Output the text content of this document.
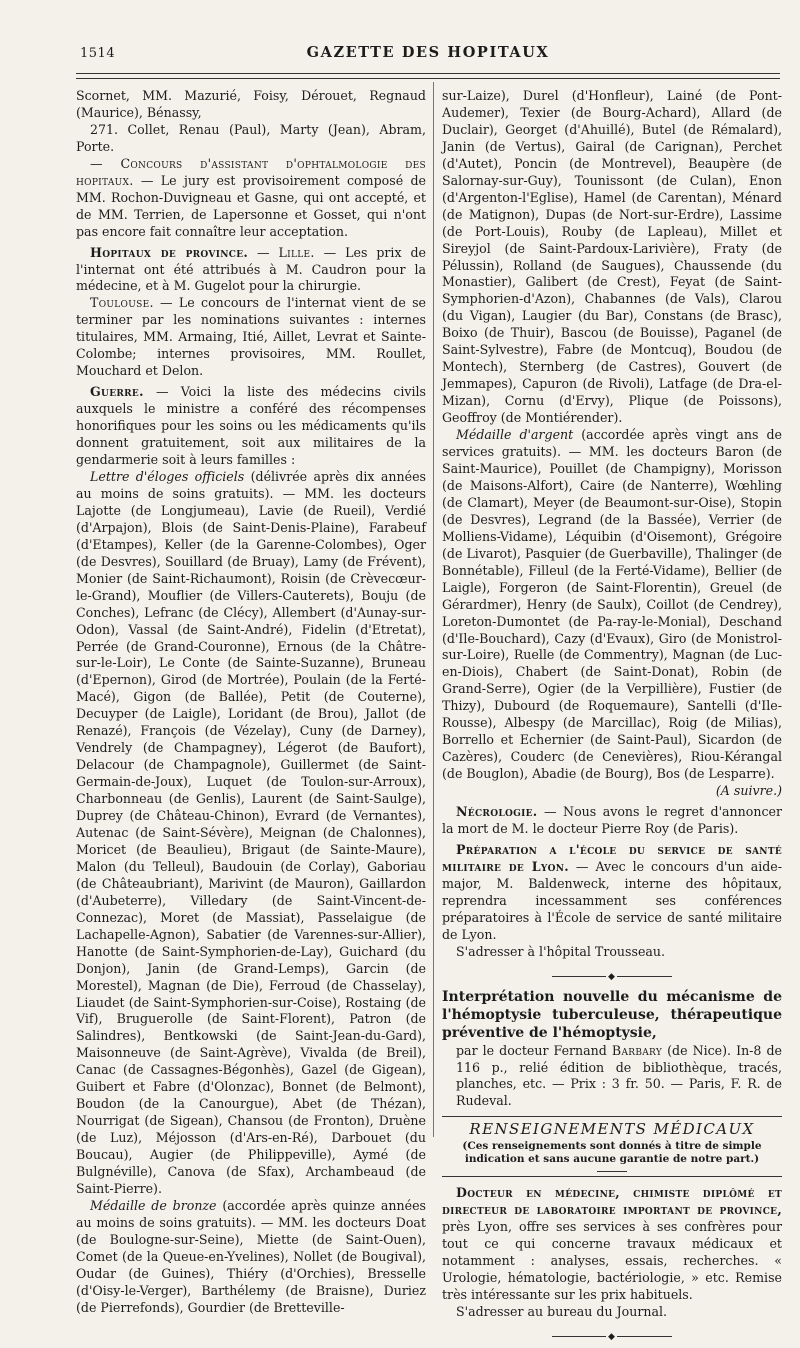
1514	GAZETTE DES HOPITAUX

Scornet, MM. Mazurié, Foisy, Dérouet, Regnaud (Maurice), Bénassy,

271. Collet, Renau (Paul), Marty (Jean), Abram, Porte.

— Concours d'assistant d'ophtalmologie des hopitaux. — Le jury est provisoirement composé de MM. Rochon-Duvigneau et Gasne, qui ont accepté, et de MM. Terrien, de Lapersonne et Gosset, qui n'ont pas encore fait connaître leur acceptation.

Hopitaux de province. — Lille. — Les prix de l'internat ont été attribués à M. Caudron pour la médecine, et à M. Gugelot pour la chirurgie.

Toulouse. — Le concours de l'internat vient de se terminer par les nominations suivantes : internes titulaires, MM. Armaing, Itié, Aillet, Levrat et Sainte-Colombe; internes provisoires, MM. Roullet, Mouchard et Delon.

Guerre. — Voici la liste des médecins civils auxquels le ministre a conféré des récompenses honorifiques pour les soins ou les médicaments qu'ils donnent gratuitement, soit aux militaires de la gendarmerie soit à leurs familles :

Lettre d'éloges officiels (délivrée après dix années au moins de soins gratuits). — MM. les docteurs Lajotte (de Longjumeau), Lavie (de Rueil), Verdié (d'Arpajon), Blois (de Saint-Denis-Plaine), Farabeuf (d'Etampes), Keller (de la Garenne-Colombes), Oger (de Desvres), Souillard (de Bruay), Lamy (de Frévent), Monier (de Saint-Richaumont), Roisin (de Crèvecœur-le-Grand), Mouflier (de Villers-Cauterets), Bouju (de Conches), Lefranc (de Clécy), Allembert (d'Aunay-sur-Odon), Vassal (de Saint-André), Fidelin (d'Etretat), Perrée (de Grand-Couronne), Ernous (de la Châtre-sur-le-Loir), Le Conte (de Sainte-Suzanne), Bruneau (d'Epernon), Girod (de Mortrée), Poulain (de la Ferté-Macé), Gigon (de Ballée), Petit (de Couterne), Decuyper (de Laigle), Loridant (de Brou), Jallot (de Renazé), François (de Vézelay), Cuny (de Darney), Vendrely (de Champagney), Légerot (de Baufort), Delacour (de Champagnole), Guillermet (de Saint-Germain-de-Joux), Luquet (de Toulon-sur-Arroux), Charbonneau (de Genlis), Laurent (de Saint-Saulge), Duprey (de Château-Chinon), Evrard (de Vernantes), Autenac (de Saint-Sévère), Meignan (de Chalonnes), Moricet (de Beaulieu), Brigaut (de Sainte-Maure), Malon (du Telleul), Baudouin (de Corlay), Gaboriau (de Châteaubriant), Marivint (de Mauron), Gaillardon (d'Aubeterre), Villedary (de Saint-Vincent-de-Connezac), Moret (de Massiat), Passelaigue (de Lachapelle-Agnon), Sabatier (de Varennes-sur-Allier), Hanotte (de Saint-Symphorien-de-Lay), Guichard (du Donjon), Janin (de Grand-Lemps), Garcin (de Morestel), Magnan (de Die), Ferroud (de Chasselay), Liaudet (de Saint-Symphorien-sur-Coise), Rostaing (de Vif), Bruguerolle (de Saint-Florent), Patron (de Salindres), Bentkowski (de Saint-Jean-du-Gard), Maisonneuve (de Saint-Agrève), Vivalda (de Breil), Canac (de Cassagnes-Bégonhès), Gazel (de Gigean), Guibert et Fabre (d'Olonzac), Bonnet (de Belmont), Boudon (de la Canourgue), Abet (de Thézan), Nourrigat (de Sigean), Chansou (de Fronton), Druène (de Luz), Méjosson (d'Ars-en-Ré), Darbouet (du Boucau), Augier (de Philippeville), Aymé (de Bulgnéville), Canova (de Sfax), Archambeaud (de Saint-Pierre).

Médaille de bronze (accordée après quinze années au moins de soins gratuits). — MM. les docteurs Doat (de Boulogne-sur-Seine), Miette (de Saint-Ouen), Comet (de la Queue-en-Yvelines), Nollet (de Bougival), Oudar (de Guines), Thiéry (d'Orchies), Bresselle (d'Oisy-le-Verger), Barthélemy (de Braisne), Duriez (de Pierrefonds), Gourdier (de Bretteville-

sur-Laize), Durel (d'Honfleur), Lainé (de Pont-Audemer), Texier (de Bourg-Achard), Allard (de Duclair), Georget (d'Ahuillé), Butel (de Rémalard), Janin (de Vertus), Gairal (de Carignan), Perchet (d'Autet), Poncin (de Montrevel), Beaupère (de Salornay-sur-Guy), Tounissont (de Culan), Enon (d'Argenton-l'Eglise), Hamel (de Carentan), Ménard (de Matignon), Dupas (de Nort-sur-Erdre), Lassime (de Port-Louis), Rouby (de Lapleau), Millet et Sireyjol (de Saint-Pardoux-Larivière), Fraty (de Pélussin), Rolland (de Saugues), Chaussende (du Monastier), Galibert (de Crest), Feyat (de Saint-Symphorien-d'Azon), Chabannes (de Vals), Clarou (du Vigan), Laugier (du Bar), Constans (de Brasc), Boixo (de Thuir), Bascou (de Bouisse), Paganel (de Saint-Sylvestre), Fabre (de Montcuq), Boudou (de Montech), Sternberg (de Castres), Gouvert (de Jemmapes), Capuron (de Rivoli), Latfage (de Dra-el-Mizan), Cornu (d'Ervy), Plique (de Poissons), Geoffroy (de Montiérender).

Médaille d'argent (accordée après vingt ans de services gratuits). — MM. les docteurs Baron (de Saint-Maurice), Pouillet (de Champigny), Morisson (de Maisons-Alfort), Caire (de Nanterre), Wœhling (de Clamart), Meyer (de Beaumont-sur-Oise), Stopin (de Desvres), Legrand (de la Bassée), Verrier (de Molliens-Vidame), Léquibin (d'Oisemont), Grégoire (de Livarot), Pasquier (de Guerbaville), Thalinger (de Bonnétable), Filleul (de la Ferté-Vidame), Bellier (de Laigle), Forgeron (de Saint-Florentin), Greuel (de Gérardmer), Henry (de Saulx), Coillot (de Cendrey), Loreton-Dumontet (de Pa-ray-le-Monial), Deschand (d'Ile-Bouchard), Cazy (d'Evaux), Giro (de Monistrol-sur-Loire), Ruelle (de Commentry), Magnan (de Luc-en-Diois), Chabert (de Saint-Donat), Robin (de Grand-Serre), Ogier (de la Verpillière), Fustier (de Thizy), Dubourd (de Roquemaure), Santelli (d'Ile-Rousse), Albespy (de Marcillac), Roig (de Milias), Borrello et Echernier (de Saint-Paul), Sicardon (de Cazères), Couderc (de Cenevières), Riou-Kérangal (de Bouglon), Abadie (de Bourg), Bos (de Lesparre).

(A suivre.)

Nécrologie. — Nous avons le regret d'annoncer la mort de M. le docteur Pierre Roy (de Paris).

Préparation a l'école du service de santé militaire de Lyon. — Avec le concours d'un aide-major, M. Baldenweck, interne des hôpitaux, reprendra incessamment ses conférences préparatoires à l'École de service de santé militaire de Lyon.

S'adresser à l'hôpital Trousseau.

◆

Interprétation nouvelle du mécanisme de l'hémoptysie tuberculeuse, thérapeutique préventive de l'hémoptysie,

par le docteur Fernand Barbary (de Nice). In-8 de 116 p., relié édition de bibliothèque, tracés, planches, etc. — Prix : 3 fr. 50. — Paris, F. R. de Rudeval.

RENSEIGNEMENTS MÉDICAUX
(Ces renseignements sont donnés à titre de simple indication et sans aucune garantie de notre part.)

Docteur en médecine, chimiste diplômé et directeur de laboratoire important de province, près Lyon, offre ses services à ses confrères pour tout ce qui concerne travaux médicaux et notamment : analyses, essais, recherches. « Urologie, hématologie, bactériologie, » etc. Remise très intéressante sur les prix habituels.

S'adresser au bureau du Journal.

◆
